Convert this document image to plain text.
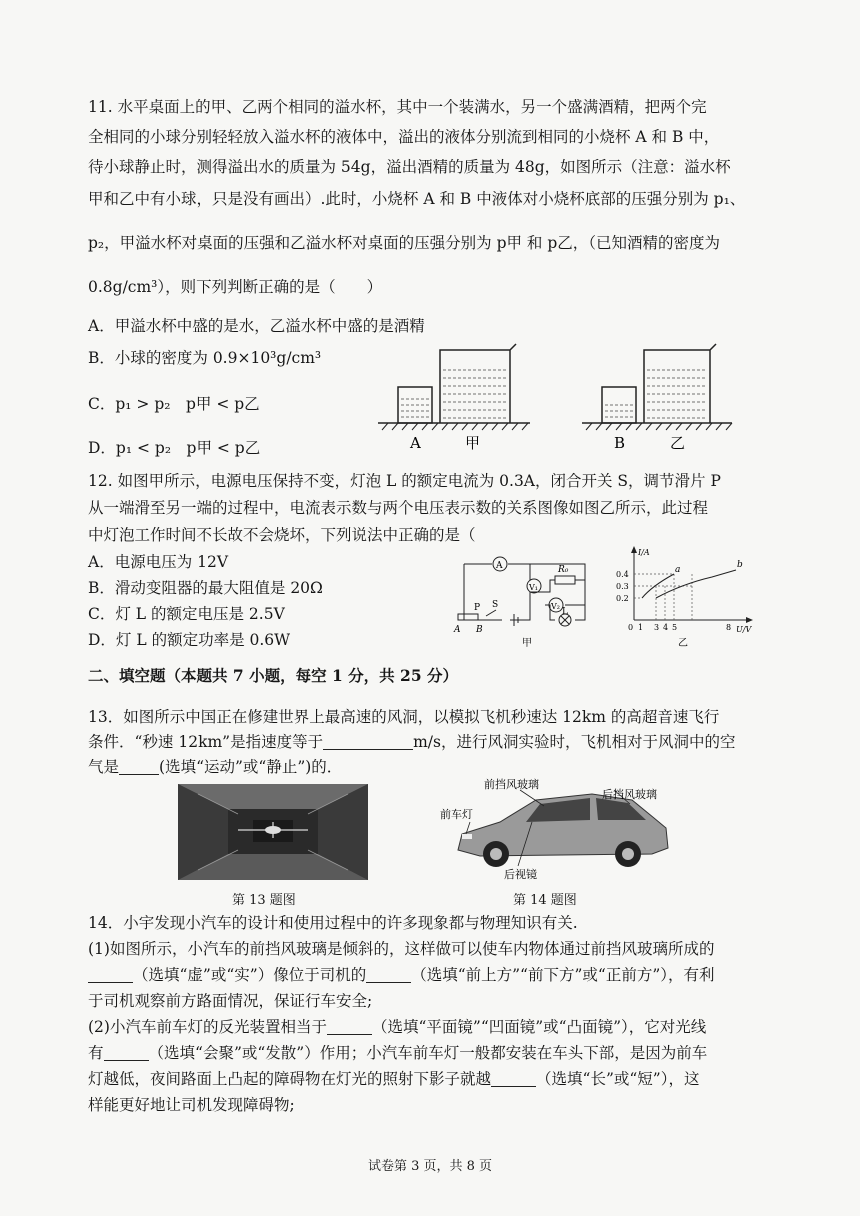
11. 水平桌面上的甲、乙两个相同的溢水杯，其中一个装满水，另一个盛满酒精，把两个完
全相同的小球分别轻轻放入溢水杯的液体中，溢出的液体分别流到相同的小烧杯 A 和 B 中，
待小球静止时，测得溢出水的质量为 54g，溢出酒精的质量为 48g，如图所示（注意：溢水杯
甲和乙中有小球，只是没有画出）.此时，小烧杯 A 和 B 中液体对小烧杯底部的压强分别为 p₁、
p₂，甲溢水杯对桌面的压强和乙溢水杯对桌面的压强分别为 p甲 和 p乙，（已知酒精的密度为
0.8g/cm³），则下列判断正确的是（　　）
A．甲溢水杯中盛的是水，乙溢水杯中盛的是酒精
B．小球的密度为 0.9×10³g/cm³
C．p₁ > p₂　p甲 < p乙
D．p₁ < p₂　p甲 < p乙	A	甲	B	乙
12. 如图甲所示，电源电压保持不变，灯泡 L 的额定电流为 0.3A，闭合开关 S，调节滑片 P
从一端滑至另一端的过程中，电流表示数与两个电压表示数的关系图像如图乙所示，此过程
中灯泡工作时间不长故不会烧坏，下列说法中正确的是（
A．电源电压为 12V
B．滑动变阻器的最大阻值是 20Ω
C．灯 L 的额定电压是 2.5V
D．灯 L 的额定功率是 0.6W
A
V₁
V₂
R₀
P S
L
A B
甲
I/A
U/V
a	b
0.4
0.3
0.2
0 1 3 4 5	8
乙
二、填空题（本题共 7 小题，每空 1 分，共 25 分）
13．如图所示中国正在修建世界上最高速的风洞，以模拟飞机秒速达 12km 的高超音速飞行
条件．“秒速 12km”是指速度等于	m/s，进行风洞实验时，飞机相对于风洞中的空
气是	(选填“运动”或“静止”)的．
第 13 题图
前挡风玻璃
后挡风玻璃
前车灯
后视镜
第 14 题图
14．小宇发现小汽车的设计和使用过程中的许多现象都与物理知识有关.
(1)如图所示，小汽车的前挡风玻璃是倾斜的，这样做可以使车内物体通过前挡风玻璃所成的
（选填“虚”或“实”）像位于司机的	（选填“前上方”“前下方”或“正前方”），有利
于司机观察前方路面情况，保证行车安全;
(2)小汽车前车灯的反光装置相当于	（选填“平面镜”“凹面镜”或“凸面镜”），它对光线
有	（选填“会聚”或“发散”）作用；小汽车前车灯一般都安装在车头下部，是因为前车
灯越低，夜间路面上凸起的障碍物在灯光的照射下影子就越	（选填“长”或“短”），这
样能更好地让司机发现障碍物;
试卷第 3 页，共 8 页
